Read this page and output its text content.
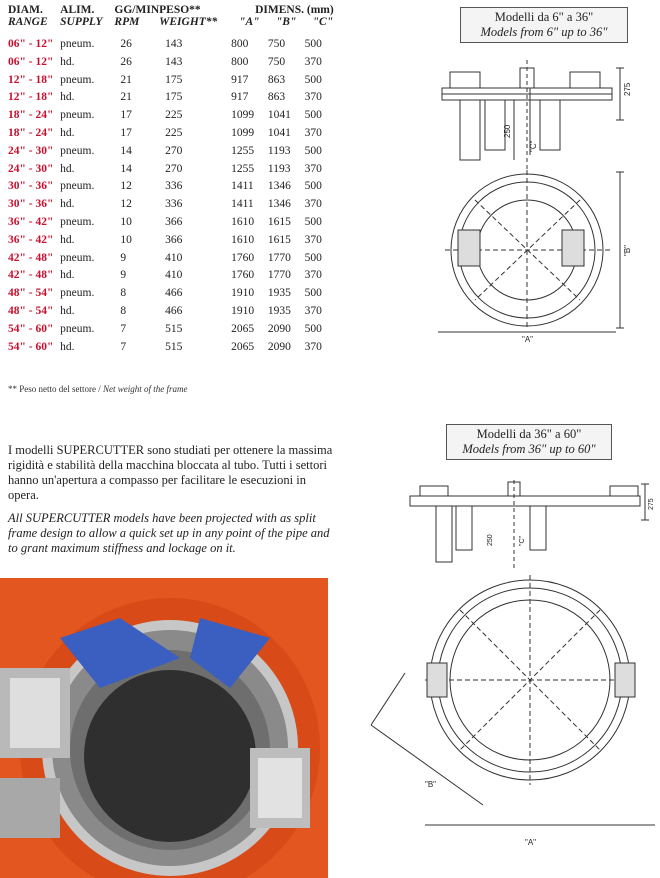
DIAM.	ALIM.	GG/MIN	PESO**	DIMENS. (mm)		
RANGE	SUPPLY	RPM	WEIGHT**	"A"	"B"	"C"
06" - 12"	pneum.	26	143	800	750	500
06" - 12"	hd.	26	143	800	750	370
12" - 18"	pneum.	21	175	917	863	500
12" - 18"	hd.	21	175	917	863	370
18" - 24"	pneum.	17	225	1099	1041	500
18" - 24"	hd.	17	225	1099	1041	370
24" - 30"	pneum.	14	270	1255	1193	500
24" - 30"	hd.	14	270	1255	1193	370
30" - 36"	pneum.	12	336	1411	1346	500
30" - 36"	hd.	12	336	1411	1346	370
36" - 42"	pneum.	10	366	1610	1615	500
36" - 42"	hd.	10	366	1610	1615	370
42" - 48"	pneum.	9	410	1760	1770	500
42" - 48"	hd.	9	410	1760	1770	370
48" - 54"	pneum.	8	466	1910	1935	500
48" - 54"	hd.	8	466	1910	1935	370
54" - 60"	pneum.	7	515	2065	2090	500
54" - 60"	hd.	7	515	2065	2090	370
** Peso netto del settore / Net weight of the frame
I modelli SUPERCUTTER sono studiati per ottenere la massima rigidità e stabilità della macchina bloccata al tubo. Tutti i settori hanno un'apertura a compasso per facilitare le esecuzioni in opera.
All SUPERCUTTER models have been projected with as split frame design to allow a quick set up in any point of the pipe and to grant maximum stiffness and lockage on it.
Modelli da 6" a 36"
Models from 6" up to 36"
275
250
"C"
"A"
"B"
Modelli da 36" a 60"
Models from 36" up to 60"
275
250	"C"
"B"
"A"
